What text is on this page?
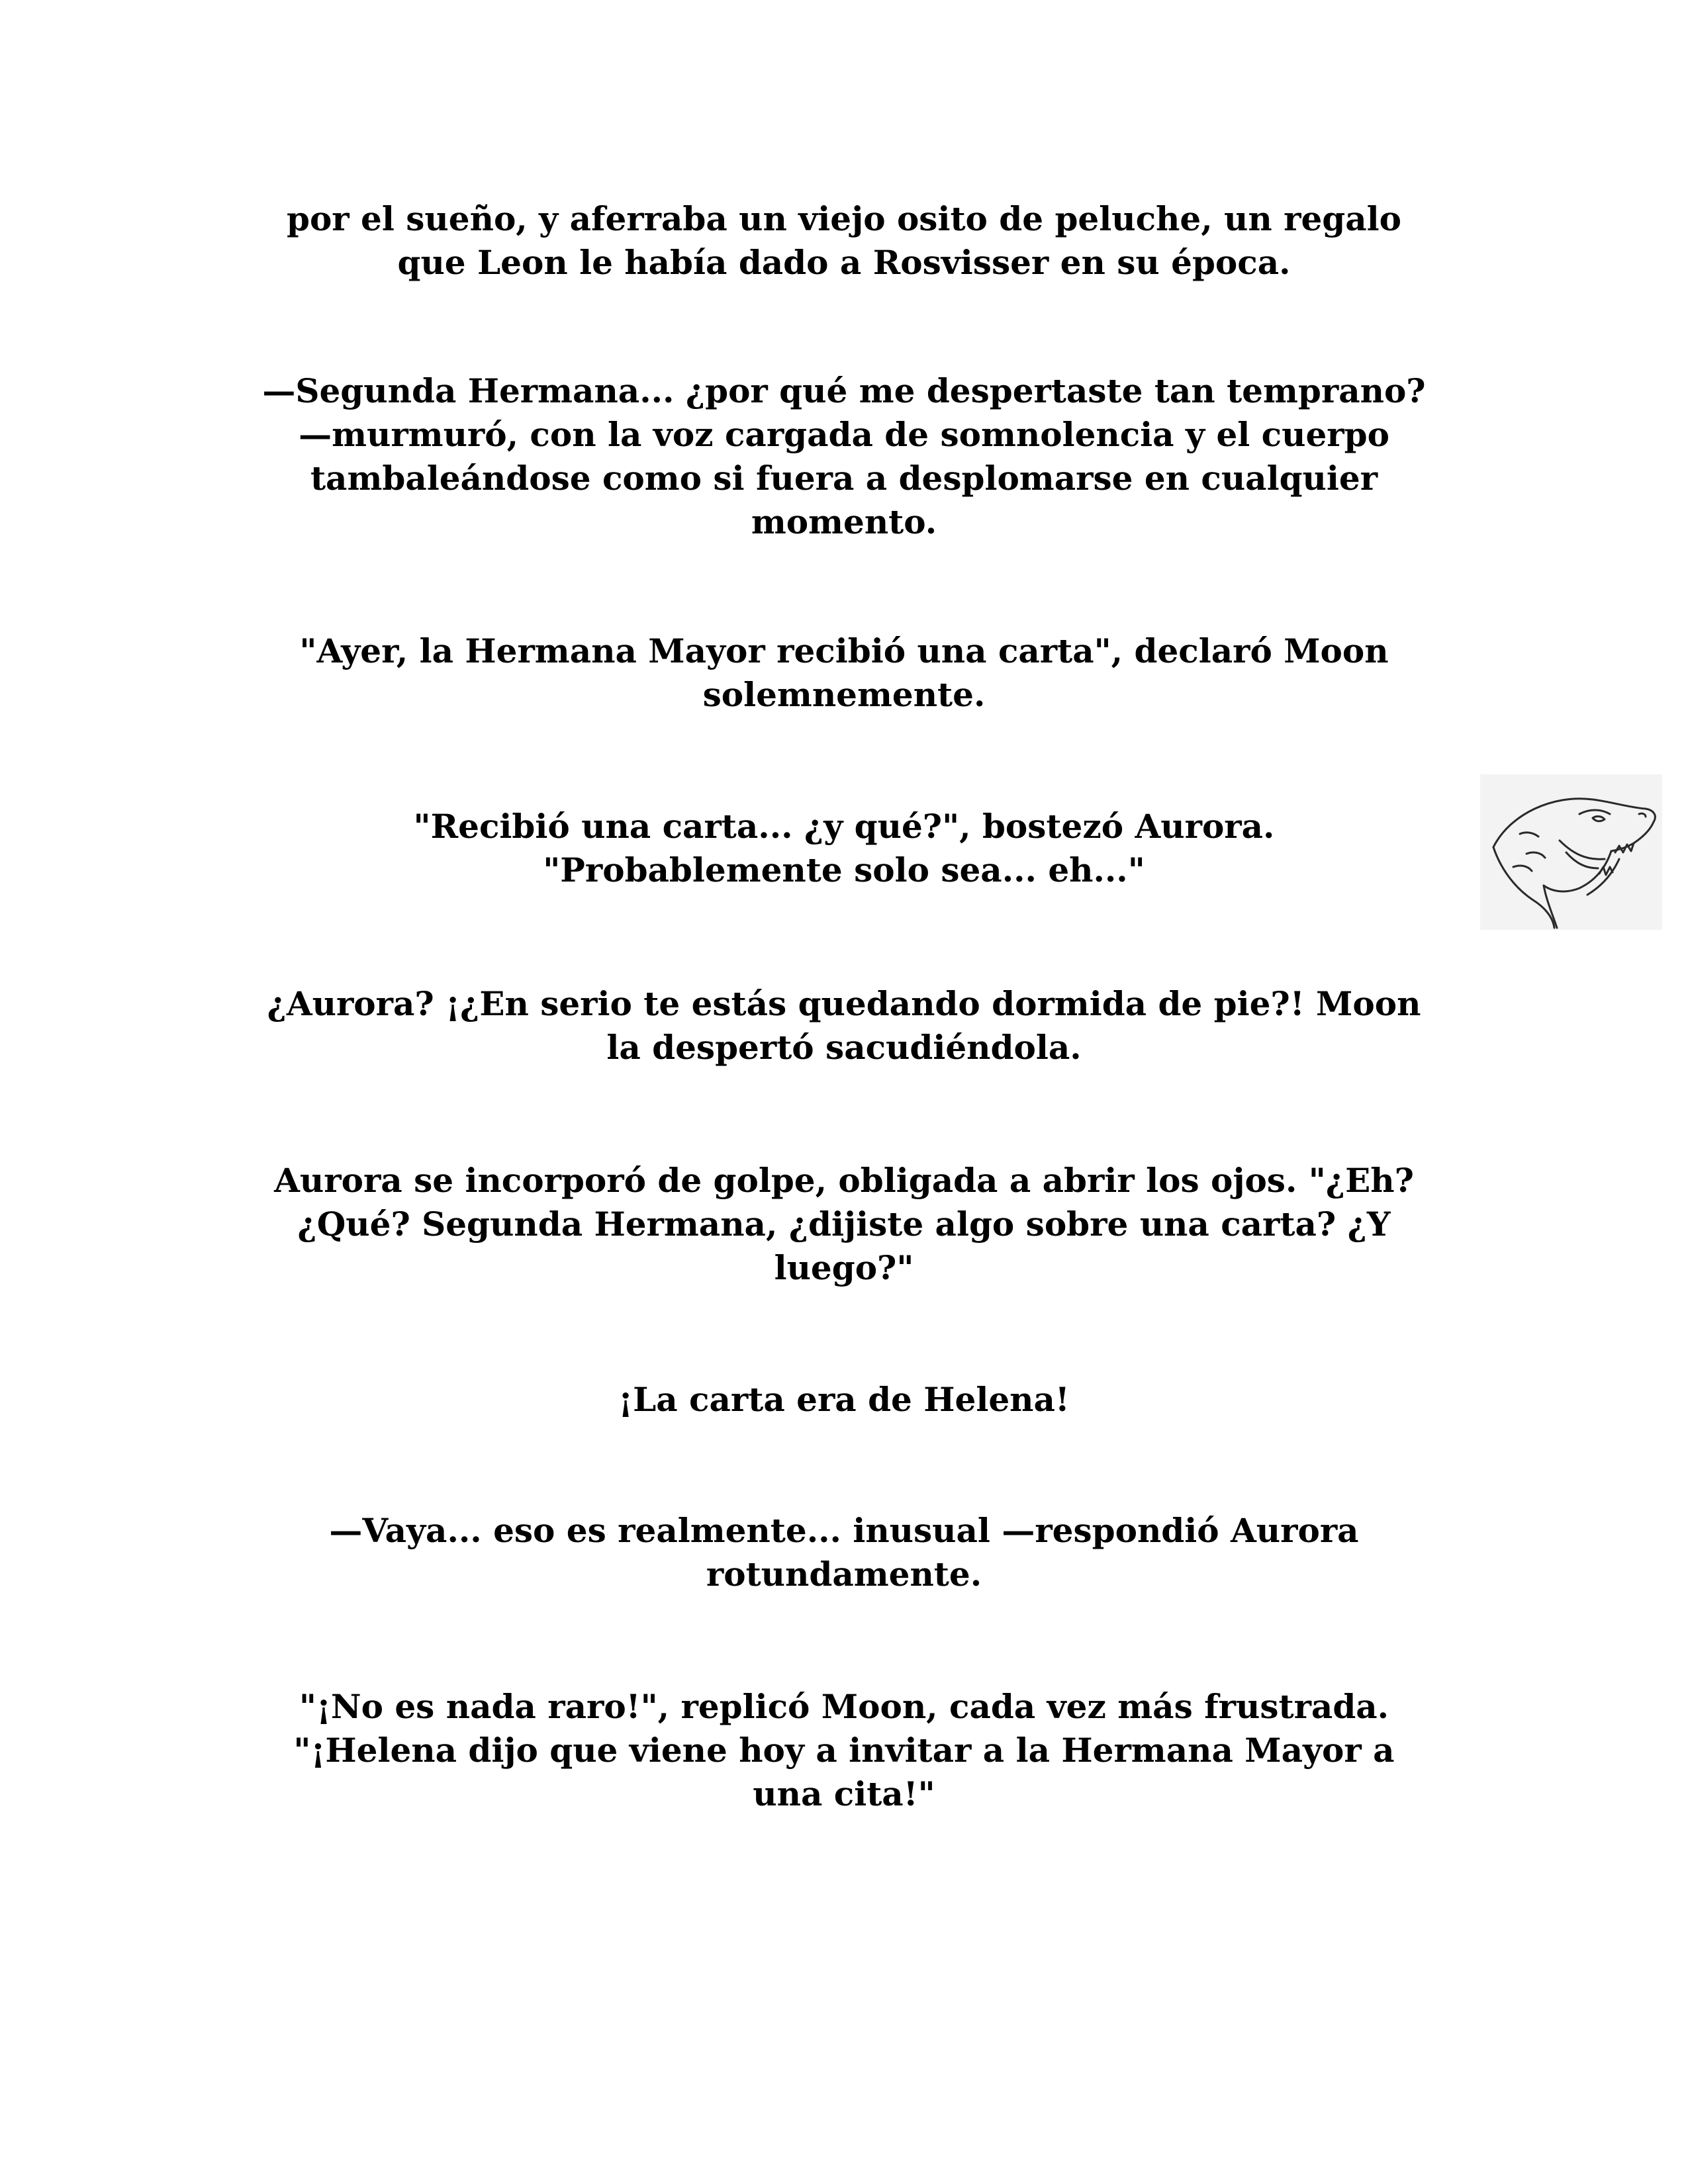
por el sueño, y aferraba un viejo osito de peluche, un regalo
que Leon le había dado a Rosvisser en su época.

—Segunda Hermana... ¿por qué me despertaste tan temprano?
—murmuró, con la voz cargada de somnolencia y el cuerpo
tambaleándose como si fuera a desplomarse en cualquier
momento.

"Ayer, la Hermana Mayor recibió una carta", declaró Moon
solemnemente.

"Recibió una carta... ¿y qué?", bostezó Aurora.
"Probablemente solo sea... eh..."

¿Aurora? ¡¿En serio te estás quedando dormida de pie?! Moon
la despertó sacudiéndola.

Aurora se incorporó de golpe, obligada a abrir los ojos. "¿Eh?
¿Qué? Segunda Hermana, ¿dijiste algo sobre una carta? ¿Y
luego?"

¡La carta era de Helena!

—Vaya... eso es realmente... inusual —respondió Aurora
rotundamente.

"¡No es nada raro!", replicó Moon, cada vez más frustrada.
"¡Helena dijo que viene hoy a invitar a la Hermana Mayor a
una cita!"
